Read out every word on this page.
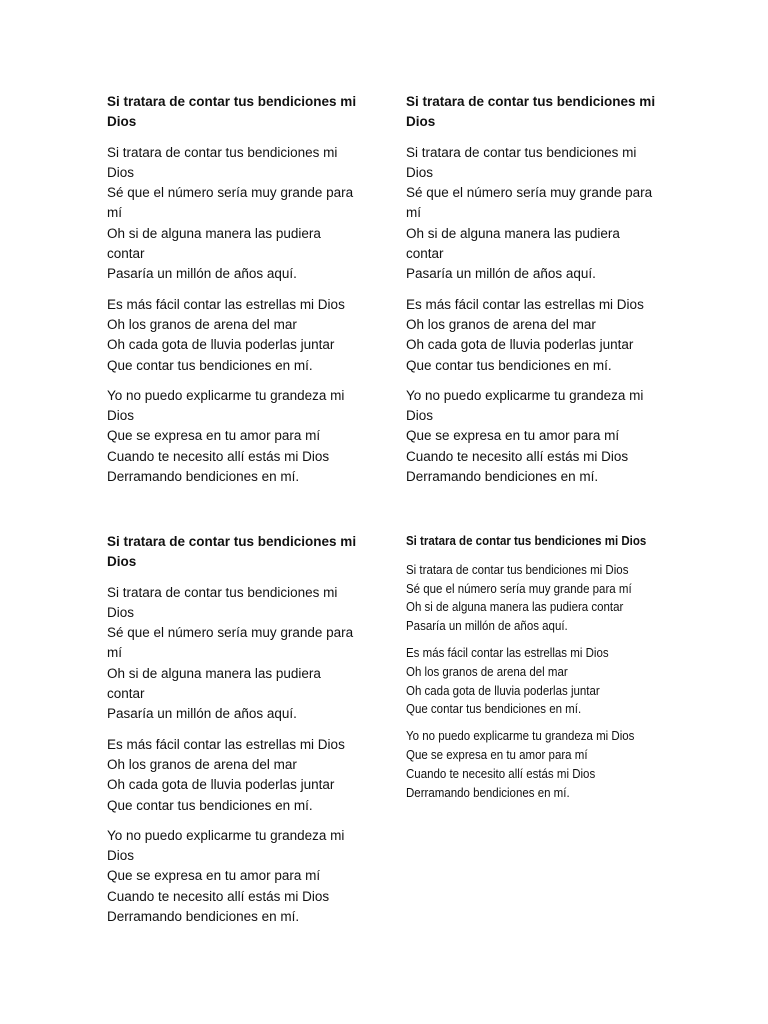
Si tratara de contar tus bendiciones mi
Dios
Si tratara de contar tus bendiciones mi
Dios
Sé que el número sería muy grande para
mí
Oh si de alguna manera las pudiera
contar
Pasaría un millón de años aquí.
Es más fácil contar las estrellas mi Dios
Oh los granos de arena del mar
Oh cada gota de lluvia poderlas juntar
Que contar tus bendiciones en mí.
Yo no puedo explicarme tu grandeza mi
Dios
Que se expresa en tu amor para mí
Cuando te necesito allí estás mi Dios
Derramando bendiciones en mí.
Si tratara de contar tus bendiciones mi
Dios
Si tratara de contar tus bendiciones mi
Dios
Sé que el número sería muy grande para
mí
Oh si de alguna manera las pudiera
contar
Pasaría un millón de años aquí.
Es más fácil contar las estrellas mi Dios
Oh los granos de arena del mar
Oh cada gota de lluvia poderlas juntar
Que contar tus bendiciones en mí.
Yo no puedo explicarme tu grandeza mi
Dios
Que se expresa en tu amor para mí
Cuando te necesito allí estás mi Dios
Derramando bendiciones en mí.
Si tratara de contar tus bendiciones mi
Dios
Si tratara de contar tus bendiciones mi
Dios
Sé que el número sería muy grande para
mí
Oh si de alguna manera las pudiera
contar
Pasaría un millón de años aquí.
Es más fácil contar las estrellas mi Dios
Oh los granos de arena del mar
Oh cada gota de lluvia poderlas juntar
Que contar tus bendiciones en mí.
Yo no puedo explicarme tu grandeza mi
Dios
Que se expresa en tu amor para mí
Cuando te necesito allí estás mi Dios
Derramando bendiciones en mí.
Si tratara de contar tus bendiciones mi Dios
Si tratara de contar tus bendiciones mi Dios
Sé que el número sería muy grande para mí
Oh si de alguna manera las pudiera contar
Pasaría un millón de años aquí.
Es más fácil contar las estrellas mi Dios
Oh los granos de arena del mar
Oh cada gota de lluvia poderlas juntar
Que contar tus bendiciones en mí.
Yo no puedo explicarme tu grandeza mi Dios
Que se expresa en tu amor para mí
Cuando te necesito allí estás mi Dios
Derramando bendiciones en mí.
